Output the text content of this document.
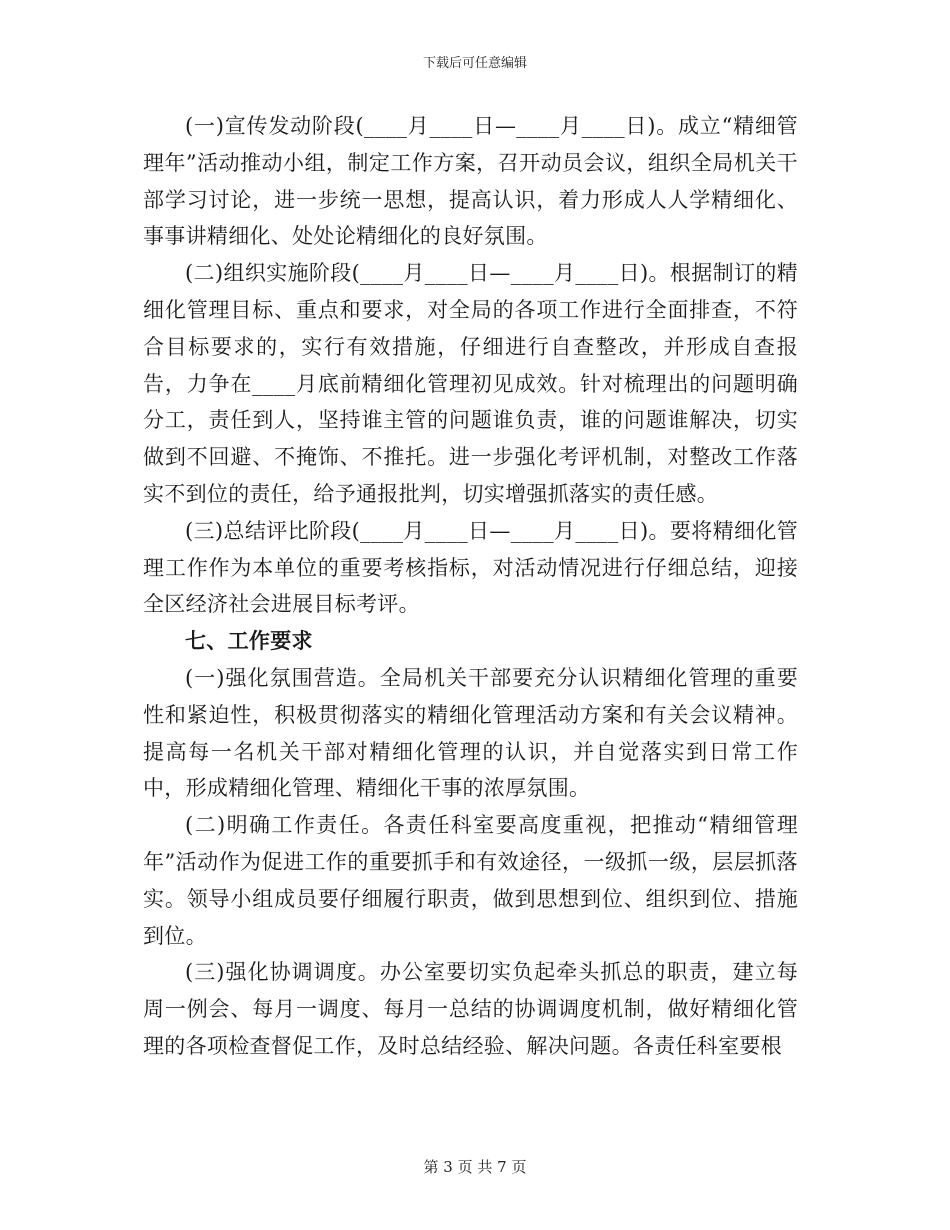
下载后可任意编辑

(一)宣传发动阶段(____月____日—____月____日)。成立“精细管理年”活动推动小组，制定工作方案，召开动员会议，组织全局机关干部学习讨论，进一步统一思想，提高认识，着力形成人人学精细化、事事讲精细化、处处论精细化的良好氛围。

(二)组织实施阶段(____月____日—____月____日)。根据制订的精细化管理目标、重点和要求，对全局的各项工作进行全面排查，不符合目标要求的，实行有效措施，仔细进行自查整改，并形成自查报告，力争在____月底前精细化管理初见成效。针对梳理出的问题明确分工，责任到人，坚持谁主管的问题谁负责，谁的问题谁解决，切实做到不回避、不掩饰、不推托。进一步强化考评机制，对整改工作落实不到位的责任，给予通报批判，切实增强抓落实的责任感。

(三)总结评比阶段(____月____日—____月____日)。要将精细化管理工作作为本单位的重要考核指标，对活动情况进行仔细总结，迎接全区经济社会进展目标考评。

七、工作要求

(一)强化氛围营造。全局机关干部要充分认识精细化管理的重要性和紧迫性，积极贯彻落实的精细化管理活动方案和有关会议精神。提高每一名机关干部对精细化管理的认识，并自觉落实到日常工作中，形成精细化管理、精细化干事的浓厚氛围。

(二)明确工作责任。各责任科室要高度重视，把推动“精细管理年”活动作为促进工作的重要抓手和有效途径，一级抓一级，层层抓落实。领导小组成员要仔细履行职责，做到思想到位、组织到位、措施到位。

(三)强化协调调度。办公室要切实负起牵头抓总的职责，建立每周一例会、每月一调度、每月一总结的协调调度机制，做好精细化管理的各项检查督促工作，及时总结经验、解决问题。各责任科室要根

第 3 页 共 7 页
